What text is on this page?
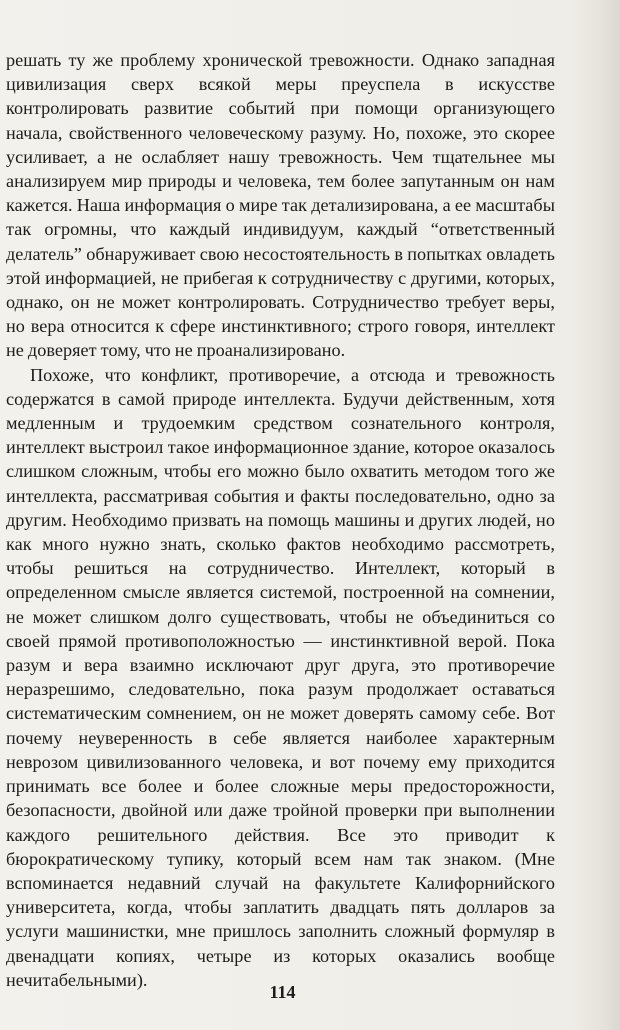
решать ту же проблему хронической тревожности. Однако западная цивилизация сверх всякой меры преуспела в искусстве контролировать развитие событий при помощи организующего начала, свойственного человеческому разуму. Но, похоже, это скорее усиливает, а не ослабляет нашу тревожность. Чем тщательнее мы анализируем мир природы и человека, тем более запутанным он нам кажется. Наша информация о мире так детализирована, а ее масштабы так огромны, что каждый индивидуум, каждый “ответственный делатель” обнаруживает свою несостоятельность в попытках овладеть этой информацией, не прибегая к сотрудничеству с другими, которых, однако, он не может контролировать. Сотрудничество требует веры, но вера относится к сфере инстинктивного; строго говоря, интеллект не доверяет тому, что не проанализировано.

Похоже, что конфликт, противоречие, а отсюда и тревожность содержатся в самой природе интеллекта. Будучи действенным, хотя медленным и трудоемким средством сознательного контроля, интеллект выстроил такое информационное здание, которое оказалось слишком сложным, чтобы его можно было охватить методом того же интеллекта, рассматривая события и факты последовательно, одно за другим. Необходимо призвать на помощь машины и других людей, но как много нужно знать, сколько фактов необходимо рассмотреть, чтобы решиться на сотрудничество. Интеллект, который в определенном смысле является системой, построенной на сомнении, не может слишком долго существовать, чтобы не объединиться со своей прямой противоположностью — инстинктивной верой. Пока разум и вера взаимно исключают друг друга, это противоречие неразрешимо, следовательно, пока разум продолжает оставаться систематическим сомнением, он не может доверять самому себе. Вот почему неуверенность в себе является наиболее характерным неврозом цивилизованного человека, и вот почему ему приходится принимать все более и более сложные меры предосторожности, безопасности, двойной или даже тройной проверки при выполнении каждого решительного действия. Все это приводит к бюрократическому тупику, который всем нам так знаком. (Мне вспоминается недавний случай на факультете Калифорнийского университета, когда, чтобы заплатить двадцать пять долларов за услуги машинистки, мне пришлось заполнить сложный формуляр в двенадцати копиях, четыре из которых оказались вообще нечитабельными).

114
